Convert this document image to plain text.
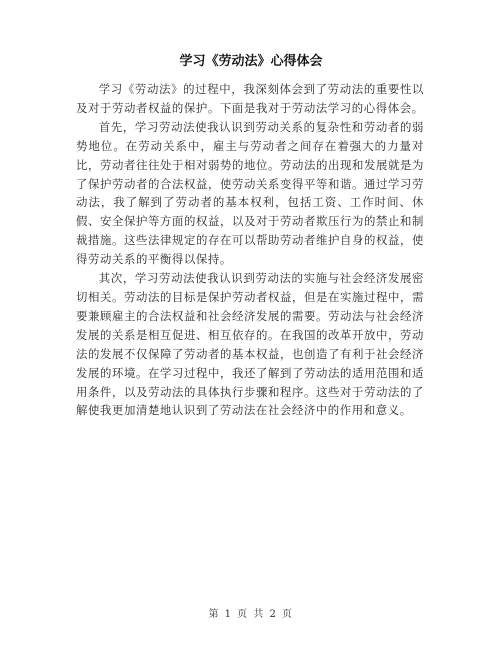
学习《劳动法》心得体会

学习《劳动法》的过程中，我深刻体会到了劳动法的重要性以及对于劳动者权益的保护。下面是我对于劳动法学习的心得体会。

首先，学习劳动法使我认识到劳动关系的复杂性和劳动者的弱势地位。在劳动关系中，雇主与劳动者之间存在着强大的力量对比，劳动者往往处于相对弱势的地位。劳动法的出现和发展就是为了保护劳动者的合法权益，使劳动关系变得平等和谐。通过学习劳动法，我了解到了劳动者的基本权利，包括工资、工作时间、休假、安全保护等方面的权益，以及对于劳动者欺压行为的禁止和制裁措施。这些法律规定的存在可以帮助劳动者维护自身的权益，使得劳动关系的平衡得以保持。

其次，学习劳动法使我认识到劳动法的实施与社会经济发展密切相关。劳动法的目标是保护劳动者权益，但是在实施过程中，需要兼顾雇主的合法权益和社会经济发展的需要。劳动法与社会经济发展的关系是相互促进、相互依存的。在我国的改革开放中，劳动法的发展不仅保障了劳动者的基本权益，也创造了有利于社会经济发展的环境。在学习过程中，我还了解到了劳动法的适用范围和适用条件，以及劳动法的具体执行步骤和程序。这些对于劳动法的了解使我更加清楚地认识到了劳动法在社会经济中的作用和意义。

第 1 页 共 2 页
